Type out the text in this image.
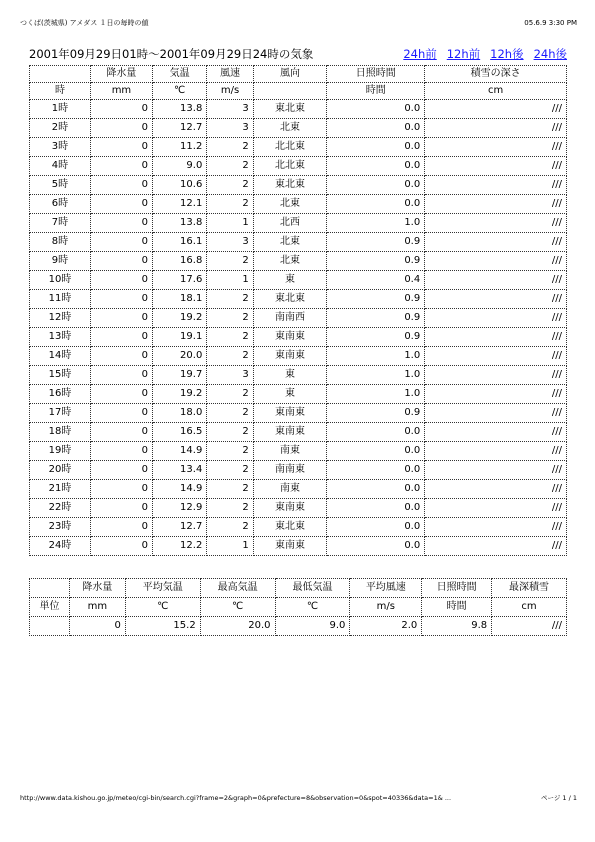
つくば(茨城県) アメダス １日の毎時の値	05.6.9 3:30 PM
2001年09月29日01時～2001年09月29日24時の気象	24h前 12h前 12h後 24h後
	降水量	気温	風速	風向	日照時間	積雪の深さ
時	mm	℃	m/s		時間	cm
1時	0	13.8	3	東北東	0.0	///
2時	0	12.7	3	北東	0.0	///
3時	0	11.2	2	北北東	0.0	///
4時	0	9.0	2	北北東	0.0	///
5時	0	10.6	2	東北東	0.0	///
6時	0	12.1	2	北東	0.0	///
7時	0	13.8	1	北西	1.0	///
8時	0	16.1	3	北東	0.9	///
9時	0	16.8	2	北東	0.9	///
10時	0	17.6	1	東	0.4	///
11時	0	18.1	2	東北東	0.9	///
12時	0	19.2	2	南南西	0.9	///
13時	0	19.1	2	東南東	0.9	///
14時	0	20.0	2	東南東	1.0	///
15時	0	19.7	3	東	1.0	///
16時	0	19.2	2	東	1.0	///
17時	0	18.0	2	東南東	0.9	///
18時	0	16.5	2	東南東	0.0	///
19時	0	14.9	2	南東	0.0	///
20時	0	13.4	2	南南東	0.0	///
21時	0	14.9	2	南東	0.0	///
22時	0	12.9	2	東南東	0.0	///
23時	0	12.7	2	東北東	0.0	///
24時	0	12.2	1	東南東	0.0	///
	降水量	平均気温	最高気温	最低気温	平均風速	日照時間	最深積雪
単位	mm	℃	℃	℃	m/s	時間	cm
	0	15.2	20.0	9.0	2.0	9.8	///
http://www.data.kishou.go.jp/meteo/cgi-bin/search.cgi?frame=2&graph=0&prefecture=8&observation=0&spot=40336&data=1& ...	ページ 1 / 1
